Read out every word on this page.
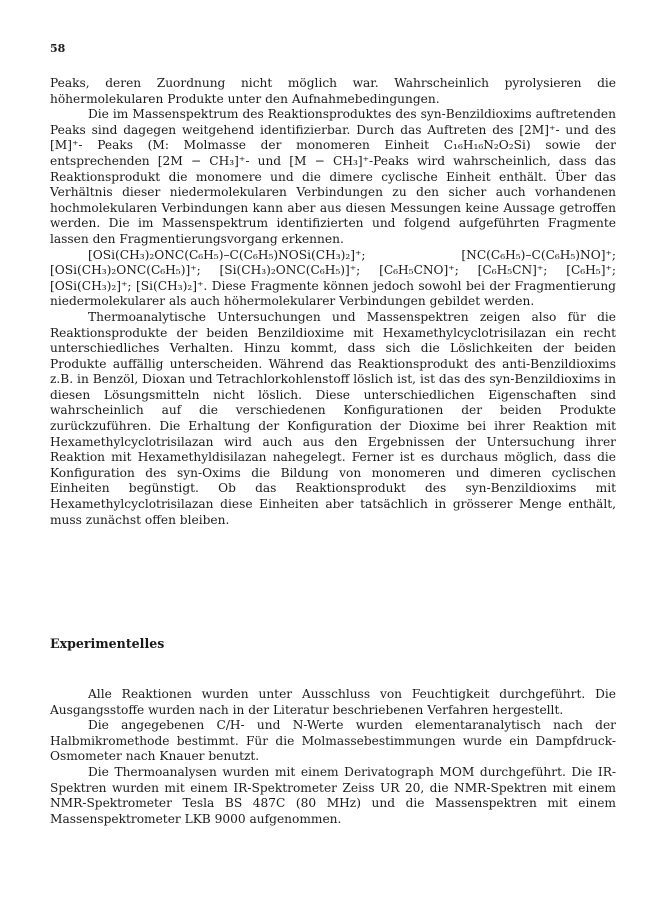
58

Peaks, deren Zuordnung nicht möglich war. Wahrscheinlich pyrolysieren die höhermolekularen Produkte unter den Aufnahmebedingungen.

Die im Massenspektrum des Reaktionsproduktes des syn-Benzildioxims auftretenden Peaks sind dagegen weitgehend identifizierbar. Durch das Auftreten des [2M]⁺- und des [M]⁺- Peaks (M: Molmasse der monomeren Einheit C₁₆H₁₆N₂O₂Si) sowie der entsprechenden [2M − CH₃]⁺- und [M − CH₃]⁺-Peaks wird wahrscheinlich, dass das Reaktionsprodukt die monomere und die dimere cyclische Einheit enthält. Über das Verhältnis dieser niedermolekularen Verbindungen zu den sicher auch vorhandenen hochmolekularen Verbindungen kann aber aus diesen Messungen keine Aussage getroffen werden. Die im Massenspektrum identifizierten und folgend aufgeführten Fragmente lassen den Fragmentierungsvorgang erkennen.

[OSi(CH₃)₂ONC(C₆H₅)–C(C₆H₅)NOSi(CH₃)₂]⁺; [NC(C₆H₅)–C(C₆H₅)NO]⁺; [OSi(CH₃)₂ONC(C₆H₅)]⁺; [Si(CH₃)₂ONC(C₆H₅)]⁺; [C₆H₅CNO]⁺; [C₆H₅CN]⁺; [C₆H₅]⁺; [OSi(CH₃)₂]⁺; [Si(CH₃)₂]⁺. Diese Fragmente können jedoch sowohl bei der Fragmentierung niedermolekularer als auch höhermolekularer Verbindungen gebildet werden.

Thermoanalytische Untersuchungen und Massenspektren zeigen also für die Reaktionsprodukte der beiden Benzildioxime mit Hexamethylcyclotrisilazan ein recht unterschiedliches Verhalten. Hinzu kommt, dass sich die Löslichkeiten der beiden Produkte auffällig unterscheiden. Während das Reaktionsprodukt des anti-Benzildioxims z.B. in Benzöl, Dioxan und Tetrachlorkohlenstoff löslich ist, ist das des syn-Benzildioxims in diesen Lösungsmitteln nicht löslich. Diese unterschiedlichen Eigenschaften sind wahrscheinlich auf die verschiedenen Konfigurationen der beiden Produkte zurückzuführen. Die Erhaltung der Konfiguration der Dioxime bei ihrer Reaktion mit Hexamethylcyclotrisilazan wird auch aus den Ergebnissen der Untersuchung ihrer Reaktion mit Hexamethyldisilazan nahegelegt. Ferner ist es durchaus möglich, dass die Konfiguration des syn-Oxims die Bildung von monomeren und dimeren cyclischen Einheiten begünstigt. Ob das Reaktionsprodukt des syn-Benzildioxims mit Hexamethylcyclotrisilazan diese Einheiten aber tatsächlich in grösserer Menge enthält, muss zunächst offen bleiben.

Experimentelles

Alle Reaktionen wurden unter Ausschluss von Feuchtigkeit durchgeführt. Die Ausgangsstoffe wurden nach in der Literatur beschriebenen Verfahren hergestellt.

Die angegebenen C/H- und N-Werte wurden elementaranalytisch nach der Halbmikromethode bestimmt. Für die Molmassebestimmungen wurde ein Dampfdruck-Osmometer nach Knauer benutzt.

Die Thermoanalysen wurden mit einem Derivatograph MOM durchgeführt. Die IR-Spektren wurden mit einem IR-Spektrometer Zeiss UR 20, die NMR-Spektren mit einem NMR-Spektrometer Tesla BS 487C (80 MHz) und die Massenspektren mit einem Massenspektrometer LKB 9000 aufgenommen.
